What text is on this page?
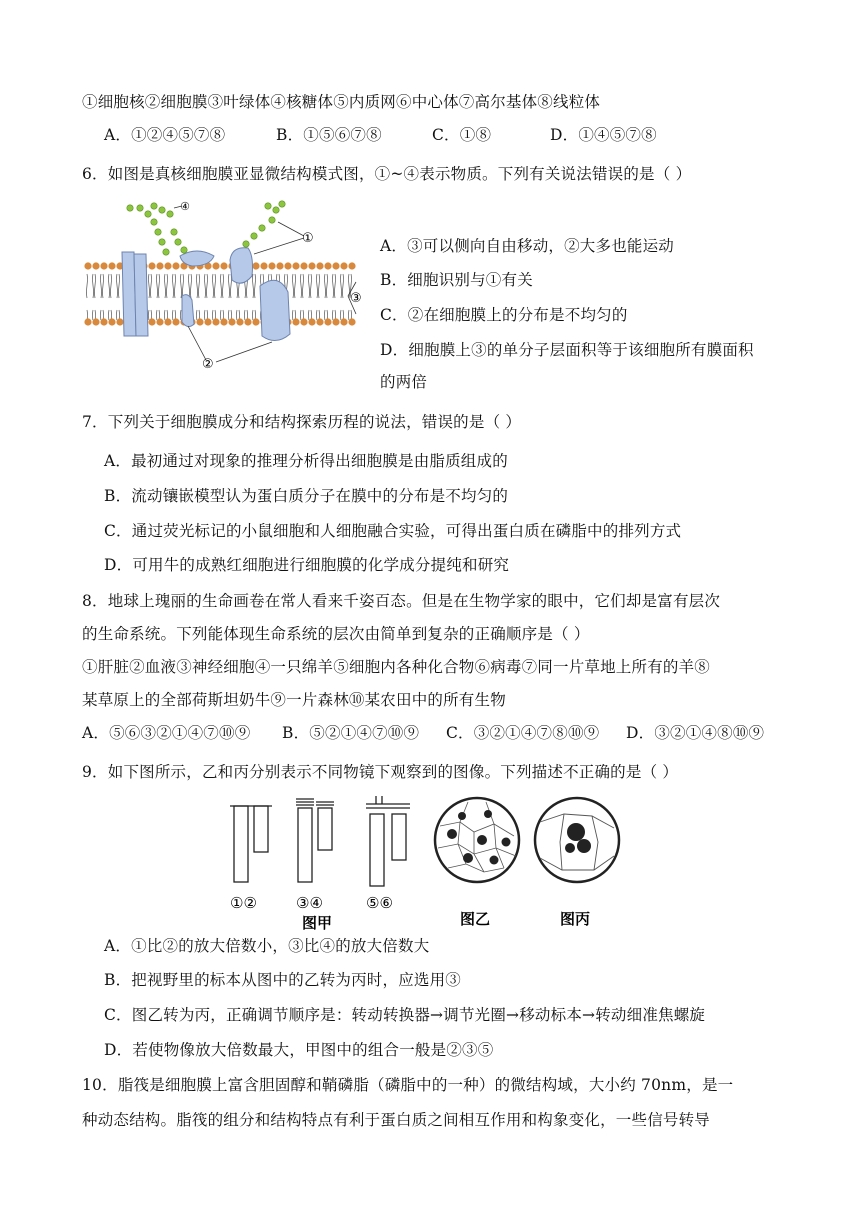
①细胞核②细胞膜③叶绿体④核糖体⑤内质网⑥中心体⑦高尔基体⑧线粒体
A．①②④⑤⑦⑧	B．①⑤⑥⑦⑧	C．①⑧	D．①④⑤⑦⑧
6．如图是真核细胞膜亚显微结构模式图，①~④表示物质。下列有关说法错误的是（ ）
④
①
③
②
A．③可以侧向自由移动，②大多也能运动
B．细胞识别与①有关
C．②在细胞膜上的分布是不均匀的
D．细胞膜上③的单分子层面积等于该细胞所有膜面积
的两倍
7．下列关于细胞膜成分和结构探索历程的说法，错误的是（ ）
A．最初通过对现象的推理分析得出细胞膜是由脂质组成的
B．流动镶嵌模型认为蛋白质分子在膜中的分布是不均匀的
C．通过荧光标记的小鼠细胞和人细胞融合实验，可得出蛋白质在磷脂中的排列方式
D．可用牛的成熟红细胞进行细胞膜的化学成分提纯和研究
8．地球上瑰丽的生命画卷在常人看来千姿百态。但是在生物学家的眼中，它们却是富有层次
的生命系统。下列能体现生命系统的层次由简单到复杂的正确顺序是（ ）
①肝脏②血液③神经细胞④一只绵羊⑤细胞内各种化合物⑥病毒⑦同一片草地上所有的羊⑧
某草原上的全部荷斯坦奶牛⑨一片森林⑩某农田中的所有生物
A．⑤⑥③②①④⑦⑩⑨ B．⑤②①④⑦⑩⑨ C．③②①④⑦⑧⑩⑨ D．③②①④⑧⑩⑨
9．如下图所示，乙和丙分别表示不同物镜下观察到的图像。下列描述不正确的是（ ）
①②	③④	⑤⑥
图甲	图乙	图丙
A．①比②的放大倍数小，③比④的放大倍数大
B．把视野里的标本从图中的乙转为丙时，应选用③
C．图乙转为丙，正确调节顺序是：转动转换器→调节光圈→移动标本→转动细准焦螺旋
D．若使物像放大倍数最大，甲图中的组合一般是②③⑤
10．脂筏是细胞膜上富含胆固醇和鞘磷脂（磷脂中的一种）的微结构域，大小约 70nm，是一
种动态结构。脂筏的组分和结构特点有利于蛋白质之间相互作用和构象变化，一些信号转导
